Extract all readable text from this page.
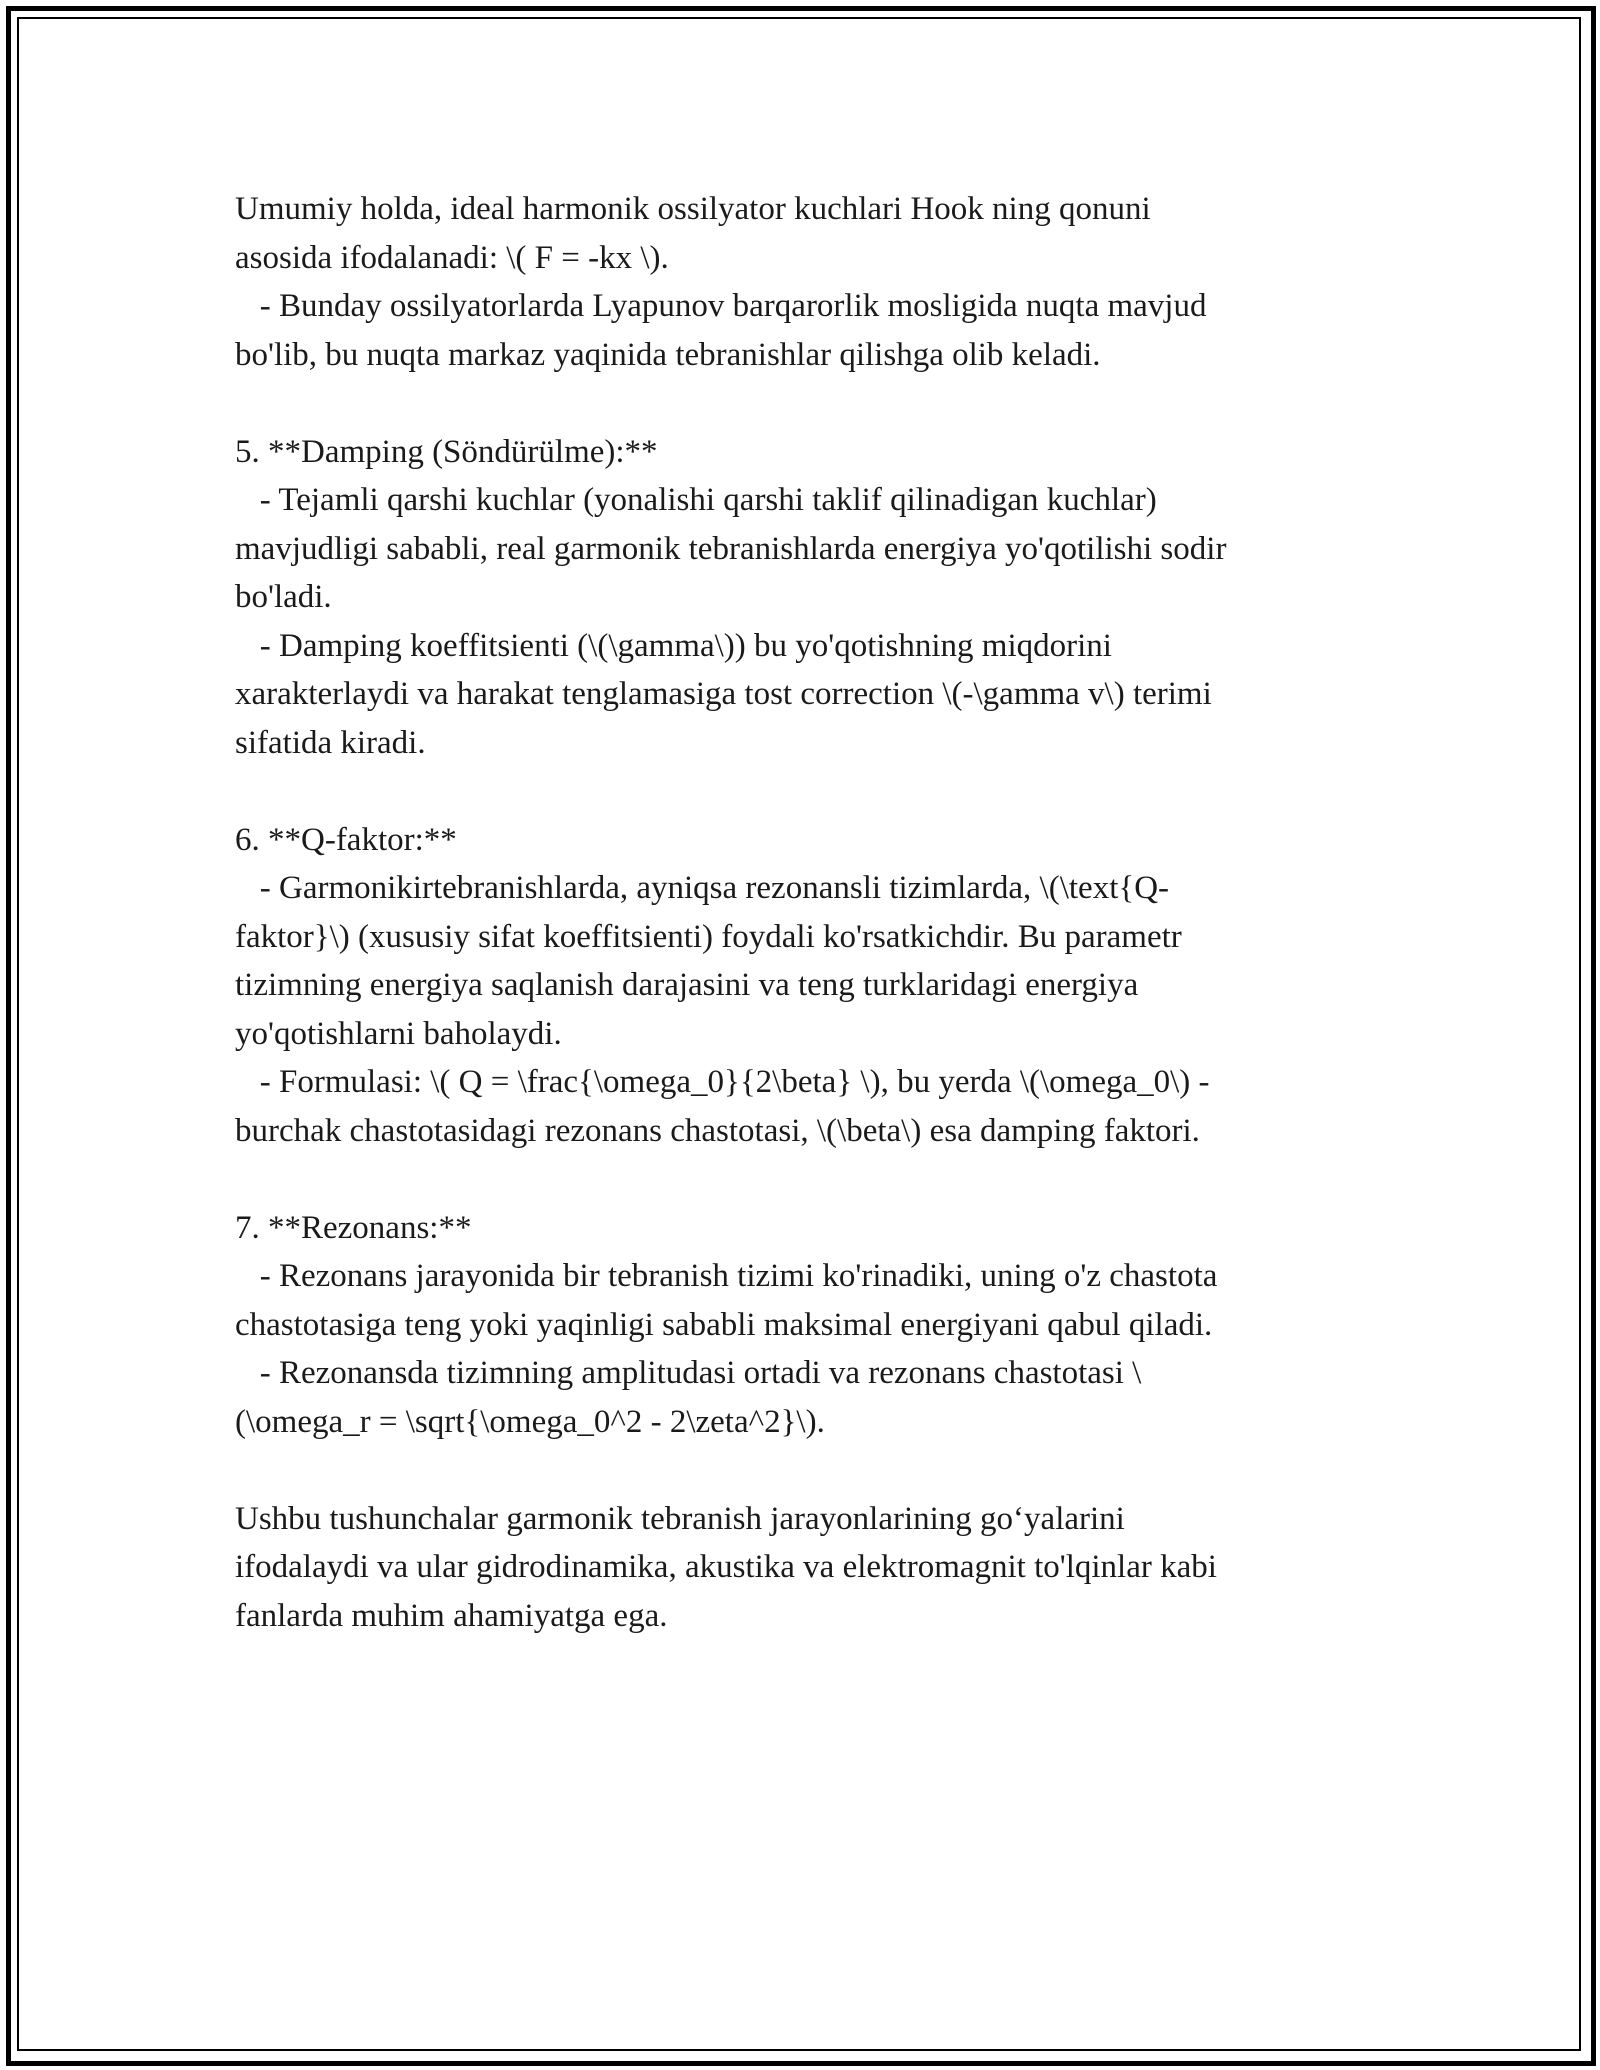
Umumiy holda, ideal harmonik ossilyator kuchlari Hook ning qonuni

asosida ifodalanadi: \( F = -kx \).

- Bunday ossilyatorlarda Lyapunov barqarorlik mosligida nuqta mavjud

bo'lib, bu nuqta markaz yaqinida tebranishlar qilishga olib keladi.

5. **Damping (Söndürülme):**

- Tejamli qarshi kuchlar (yonalishi qarshi taklif qilinadigan kuchlar)

mavjudligi sababli, real garmonik tebranishlarda energiya yo'qotilishi sodir

bo'ladi.

- Damping koeffitsienti (\(\gamma\)) bu yo'qotishning miqdorini

xarakterlaydi va harakat tenglamasiga tost correction \(-\gamma v\) terimi

sifatida kiradi.

6. **Q-faktor:**

- Garmonikirtebranishlarda, ayniqsa rezonansli tizimlarda, \(\text{Q-

faktor}\) (xususiy sifat koeffitsienti) foydali ko'rsatkichdir. Bu parametr

tizimning energiya saqlanish darajasini va teng turklaridagi energiya

yo'qotishlarni baholaydi.

- Formulasi: \( Q = \frac{\omega_0}{2\beta} \), bu yerda \(\omega_0\) -

burchak chastotasidagi rezonans chastotasi, \(\beta\) esa damping faktori.

7. **Rezonans:**

- Rezonans jarayonida bir tebranish tizimi ko'rinadiki, uning o'z chastota

chastotasiga teng yoki yaqinligi sababli maksimal energiyani qabul qiladi.

- Rezonansda tizimning amplitudasi ortadi va rezonans chastotasi \

(\omega_r = \sqrt{\omega_0^2 - 2\zeta^2}\).

Ushbu tushunchalar garmonik tebranish jarayonlarining go‘yalarini

ifodalaydi va ular gidrodinamika, akustika va elektromagnit to'lqinlar kabi

fanlarda muhim ahamiyatga ega.
